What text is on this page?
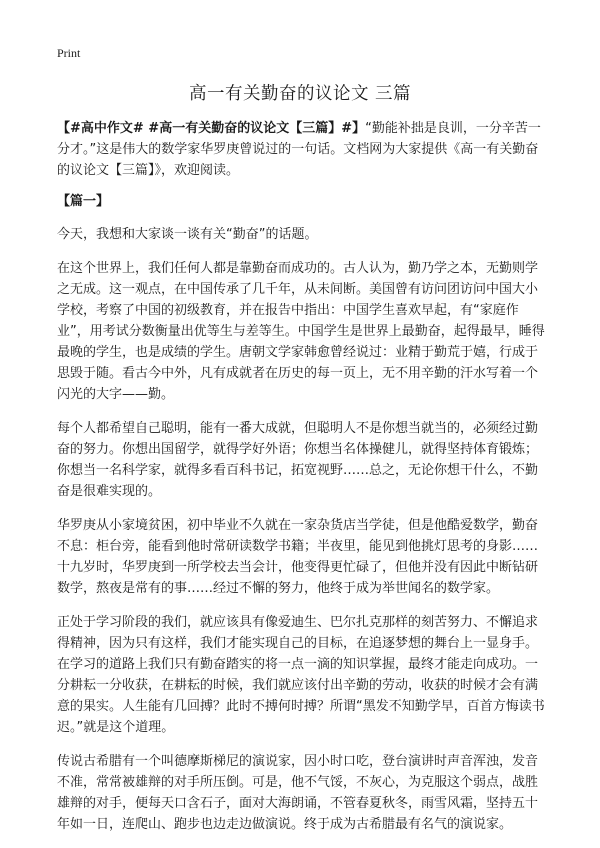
Print
高一有关勤奋的议论文 三篇

【#高中作文# #高一有关勤奋的议论文【三篇】#】“勤能补拙是良训，一分辛苦一分才。”这是伟大的数学家华罗庚曾说过的一句话。文档网为大家提供《高一有关勤奋的议论文【三篇】》，欢迎阅读。

【篇一】

今天，我想和大家谈一谈有关“勤奋”的话题。

在这个世界上，我们任何人都是靠勤奋而成功的。古人认为，勤乃学之本，无勤则学之无成。这一观点，在中国传承了几千年，从未间断。美国曾有访问团访问中国大小学校，考察了中国的初级教育，并在报告中指出：中国学生喜欢早起，有“家庭作业”，用考试分数衡量出优等生与差等生。中国学生是世界上最勤奋，起得最早，睡得最晚的学生，也是成绩的学生。唐朝文学家韩愈曾经说过：业精于勤荒于嬉，行成于思毁于随。看古今中外，凡有成就者在历史的每一页上，无不用辛勤的汗水写着一个闪光的大字——勤。

每个人都希望自己聪明，能有一番大成就，但聪明人不是你想当就当的，必须经过勤奋的努力。你想出国留学，就得学好外语；你想当名体操健儿，就得坚持体育锻炼；你想当一名科学家，就得多看百科书记，拓宽视野……总之，无论你想干什么，不勤奋是很难实现的。

华罗庚从小家境贫困，初中毕业不久就在一家杂货店当学徒，但是他酷爱数学，勤奋不息：柜台旁，能看到他时常研读数学书籍；半夜里，能见到他挑灯思考的身影……十九岁时，华罗庚到一所学校去当会计，他变得更忙碌了，但他并没有因此中断钻研数学，熬夜是常有的事……经过不懈的努力，他终于成为举世闻名的数学家。

正处于学习阶段的我们，就应该具有像爱迪生、巴尔扎克那样的刻苦努力、不懈追求得精神，因为只有这样，我们才能实现自己的目标，在追逐梦想的舞台上一显身手。在学习的道路上我们只有勤奋踏实的将一点一滴的知识掌握，最终才能走向成功。一分耕耘一分收获，在耕耘的时候，我们就应该付出辛勤的劳动，收获的时候才会有满意的果实。人生能有几回搏？此时不搏何时搏？所谓“黑发不知勤学早，百首方悔读书迟。”就是这个道理。

传说古希腊有一个叫德摩斯梯尼的演说家，因小时口吃，登台演讲时声音浑浊，发音不准，常常被雄辩的对手所压倒。可是，他不气馁，不灰心，为克服这个弱点，战胜雄辩的对手，便每天口含石子，面对大海朗诵，不管春夏秋冬，雨雪风霜，坚持五十年如一日，连爬山、跑步也边走边做演说。终于成为古希腊最有名气的演说家。
